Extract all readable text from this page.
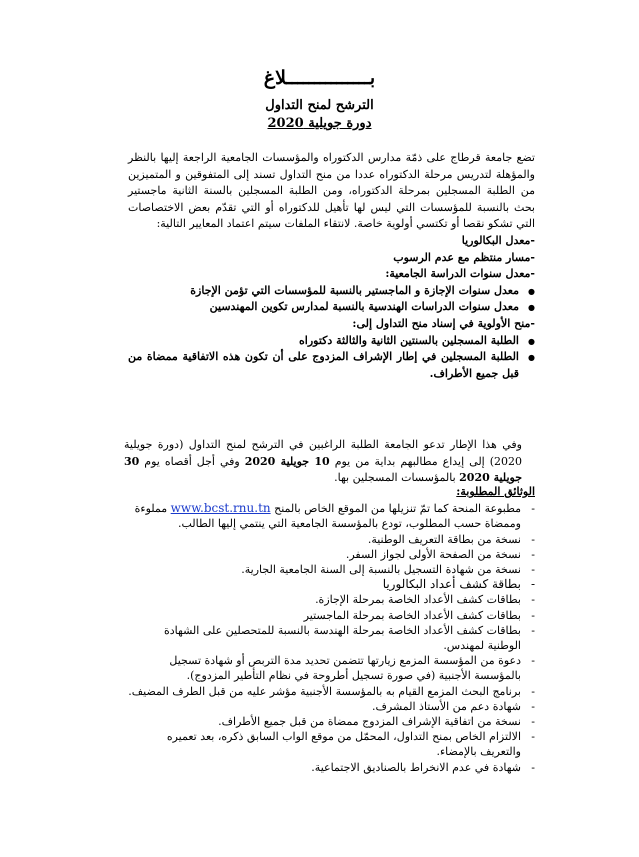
بـــــــــــــــلاغ
الترشح لمنح التداول
دورة جويلية 2020

تضع جامعة قرطاج على ذمّة مدارس الدكتوراه والمؤسسات الجامعية الراجعة إليها بالنظر والمؤهلة لتدريس مرحلة الدكتوراه عددا من منح التداول تسند إلى المتفوقين و المتميزين من الطلبة المسجلين بمرحلة الدكتوراه، ومن الطلبة المسجلين بالسنة الثانية ماجستير بحث بالنسبة للمؤسسات التي ليس لها تأهيل للدكتوراه أو التي تقدّم بعض الاختصاصات التي تشكو نقصا أو تكتسي أولوية خاصة. لانتقاء الملفات سيتم اعتماد المعايير التالية:

-معدل البكالوريا

-مسار منتظم مع عدم الرسوب

-معدل سنوات الدراسة الجامعية:

● معدل سنوات الإجازة و الماجستير بالنسبة للمؤسسات التي تؤمن الإجازة

● معدل سنوات الدراسات الهندسية بالنسبة لمدارس تكوين المهندسين

-منح الأولوية في إسناد منح التداول إلى:

● الطلبة المسجلين بالسنتين الثانية والثالثة دكتوراه

● الطلبة المسجلين في إطار الإشراف المزدوج على أن تكون هذه الاتفاقية ممضاة من قبل جميع الأطراف.

وفي هذا الإطار تدعو الجامعة الطلبة الراغبين في الترشح لمنح التداول (دورة جويلية 2020) إلى إيداع مطالبهم بداية من يوم 10 جويلية 2020 وفي أجل أقصاه يوم 30 جويلية 2020 بالمؤسسات المسجلين بها.
الوثائق المطلوبة:

- مطبوعة المنحة كما تمّ تنزيلها من الموقع الخاص بالمنح www.bcst.rnu.tn مملوءة وممضاة حسب المطلوب، تودع بالمؤسسة الجامعية التي ينتمي إليها الطالب.

- نسخة من بطاقة التعريف الوطنية.

- نسخة من الصفحة الأولى لجواز السفر.

- نسخة من شهادة التسجيل بالنسبة إلى السنة الجامعية الجارية.

- بطاقة كشف أعداد البكالوريا

- بطاقات كشف الأعداد الخاصة بمرحلة الإجازة.

- بطاقات كشف الأعداد الخاصة بمرحلة الماجستير

- بطاقات كشف الأعداد الخاصة بمرحلة الهندسة بالنسبة للمتحصلين على الشهادة الوطنية لمهندس.

- دعوة من المؤسسة المزمع زيارتها تتضمن تحديد مدة التربص أو شهادة تسجيل بالمؤسسة الأجنبية (في صورة تسجيل أطروحة في نظام التأطير المزدوج).

- برنامج البحث المزمع القيام به بالمؤسسة الأجنبية مؤشر عليه من قبل الطرف المضيف.

- شهادة دعم من الأستاذ المشرف.

- نسخة من اتفاقية الإشراف المزدوج ممضاة من قبل جميع الأطراف.

- الالتزام الخاص بمنح التداول، المحمّل من موقع الواب السابق ذكره، بعد تعميره والتعريف بالإمضاء.

- شهادة في عدم الانخراط بالصناديق الاجتماعية.
